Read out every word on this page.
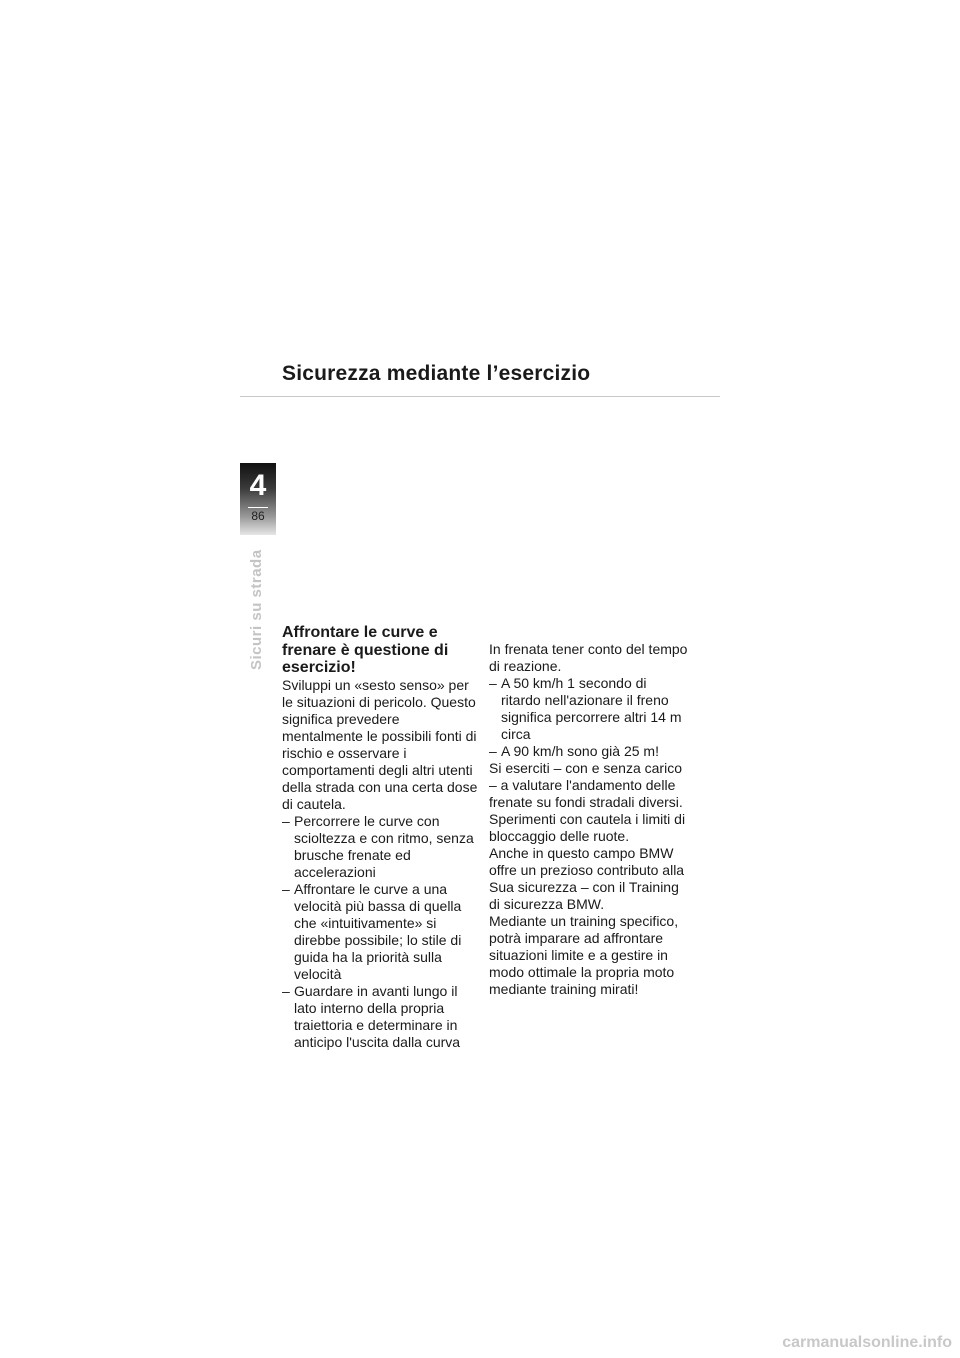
Sicurezza mediante l’esercizio
4
86
Sicuri su strada Affrontare le curve e frenare è questione di esercizio!

Sviluppi un «sesto senso» per le situazioni di pericolo. Questo significa prevedere mentalmente le possibili fonti di rischio e osservare i comportamenti degli altri utenti della strada con una certa dose di cautela.

– Percorrere le curve con scioltezza e con ritmo, senza brusche frenate ed accelerazioni
– Affrontare le curve a una velocità più bassa di quella che «intuitivamente» si direbbe possibile; lo stile di guida ha la priorità sulla velocità
– Guardare in avanti lungo il lato interno della propria traiettoria e determinare in anticipo l'uscita dalla curva

In frenata tener conto del tempo di reazione.

– A 50 km/h 1 secondo di ritardo nell'azionare il freno significa percorrere altri 14 m circa
– A 90 km/h sono già 25 m!

Si eserciti – con e senza carico – a valutare l'andamento delle frenate su fondi stradali diversi. Sperimenti con cautela i limiti di bloccaggio delle ruote.

Anche in questo campo BMW offre un prezioso contributo alla Sua sicurezza – con il Training di sicurezza BMW.

Mediante un training specifico, potrà imparare ad affrontare situazioni limite e a gestire in modo ottimale la propria moto mediante training mirati!

carmanualsonline.info
